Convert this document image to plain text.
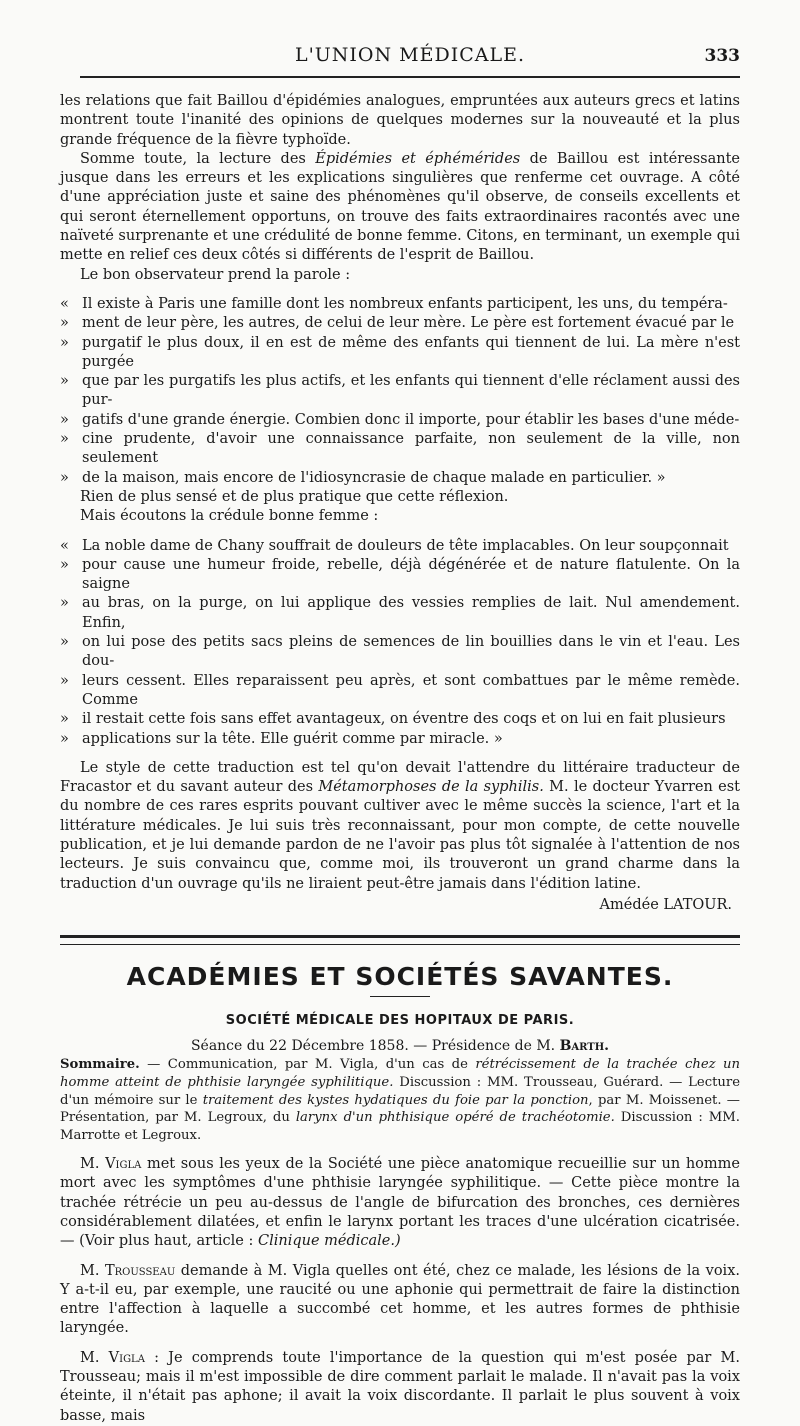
L'UNION MÉDICALE.	333

les relations que fait Baillou d'épidémies analogues, empruntées aux auteurs grecs et latins montrent toute l'inanité des opinions de quelques modernes sur la nouveauté et la plus grande fréquence de la fièvre typhoïde.

Somme toute, la lecture des Épidémies et éphémérides de Baillou est intéressante jusque dans les erreurs et les explications singulières que renferme cet ouvrage. A côté d'une appréciation juste et saine des phénomènes qu'il observe, de conseils excellents et qui seront éternellement opportuns, on trouve des faits extraordinaires racontés avec une naïveté surprenante et une crédulité de bonne femme. Citons, en terminant, un exemple qui mette en relief ces deux côtés si différents de l'esprit de Baillou.

Le bon observateur prend la parole :

« Il existe à Paris une famille dont les nombreux enfants participent, les uns, du tempéra-
» ment de leur père, les autres, de celui de leur mère. Le père est fortement évacué par le
» purgatif le plus doux, il en est de même des enfants qui tiennent de lui. La mère n'est purgée
» que par les purgatifs les plus actifs, et les enfants qui tiennent d'elle réclament aussi des pur-
» gatifs d'une grande énergie. Combien donc il importe, pour établir les bases d'une méde-
» cine prudente, d'avoir une connaissance parfaite, non seulement de la ville, non seulement
» de la maison, mais encore de l'idiosyncrasie de chaque malade en particulier. »

Rien de plus sensé et de plus pratique que cette réflexion.

Mais écoutons la crédule bonne femme :

« La noble dame de Chany souffrait de douleurs de tête implacables. On leur soupçonnait
» pour cause une humeur froide, rebelle, déjà dégénérée et de nature flatulente. On la saigne
» au bras, on la purge, on lui applique des vessies remplies de lait. Nul amendement. Enfin,
» on lui pose des petits sacs pleins de semences de lin bouillies dans le vin et l'eau. Les dou-
» leurs cessent. Elles reparaissent peu après, et sont combattues par le même remède. Comme
» il restait cette fois sans effet avantageux, on éventre des coqs et on lui en fait plusieurs
» applications sur la tête. Elle guérit comme par miracle. »

Le style de cette traduction est tel qu'on devait l'attendre du littéraire traducteur de Fracastor et du savant auteur des Métamorphoses de la syphilis. M. le docteur Yvarren est du nombre de ces rares esprits pouvant cultiver avec le même succès la science, l'art et la littérature médicales. Je lui suis très reconnaissant, pour mon compte, de cette nouvelle publication, et je lui demande pardon de ne l'avoir pas plus tôt signalée à l'attention de nos lecteurs. Je suis convaincu que, comme moi, ils trouveront un grand charme dans la traduction d'un ouvrage qu'ils ne liraient peut-être jamais dans l'édition latine.

Amédée LATOUR.
ACADÉMIES ET SOCIÉTÉS SAVANTES.
SOCIÉTÉ MÉDICALE DES HOPITAUX DE PARIS.
Séance du 22 Décembre 1858. — Présidence de M. Barth.

Sommaire. — Communication, par M. Vigla, d'un cas de rétrécissement de la trachée chez un homme atteint de phthisie laryngée syphilitique. Discussion : MM. Trousseau, Guérard. — Lecture d'un mémoire sur le traitement des kystes hydatiques du foie par la ponction, par M. Moissenet. — Présentation, par M. Legroux, du larynx d'un phthisique opéré de trachéotomie. Discussion : MM. Marrotte et Legroux.

M. Vigla met sous les yeux de la Société une pièce anatomique recueillie sur un homme mort avec les symptômes d'une phthisie laryngée syphilitique. — Cette pièce montre la trachée rétrécie un peu au-dessus de l'angle de bifurcation des bronches, ces dernières considérablement dilatées, et enfin le larynx portant les traces d'une ulcération cicatrisée. — (Voir plus haut, article : Clinique médicale.)

M. Trousseau demande à M. Vigla quelles ont été, chez ce malade, les lésions de la voix. Y a-t-il eu, par exemple, une raucité ou une aphonie qui permettrait de faire la distinction entre l'affection à laquelle a succombé cet homme, et les autres formes de phthisie laryngée.

M. Vigla : Je comprends toute l'importance de la question qui m'est posée par M. Trousseau; mais il m'est impossible de dire comment parlait le malade. Il n'avait pas la voix éteinte, il n'était pas aphone; il avait la voix discordante. Il parlait le plus souvent à voix basse, mais
